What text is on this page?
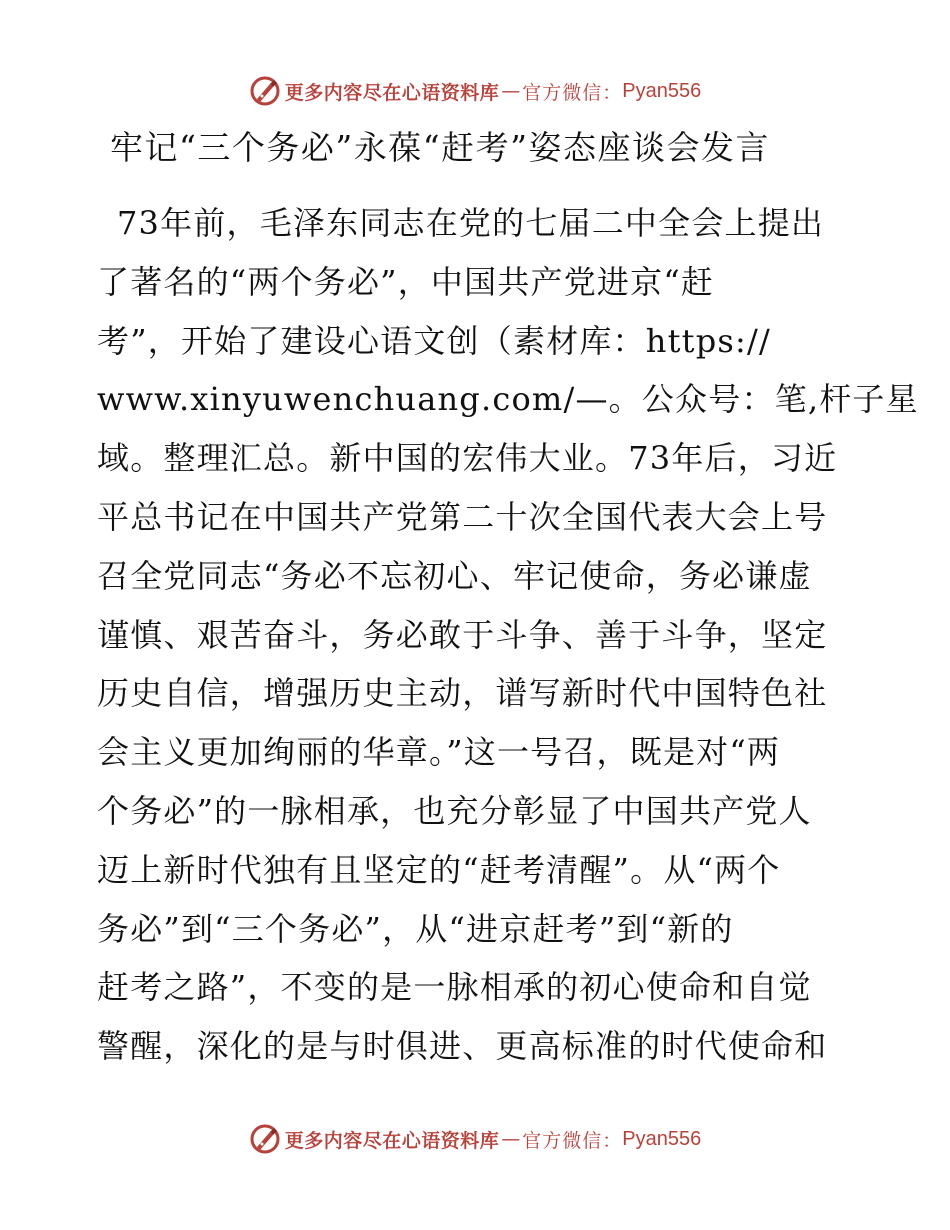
更多内容尽在心语资料库 — 官方微信： Pyan556
牢记“三个务必”永葆“赶考”姿态座谈会发言
73年前，毛泽东同志在党的七届二中全会上提出
了著名的“两个务必”，中国共产党进京“赶
考”，开始了建设心语文创（素材库：https://
www.xinyuwenchuang.com/—。公众号：笔,杆子星
域。整理汇总。新中国的宏伟大业。73年后，习近
平总书记在中国共产党第二十次全国代表大会上号
召全党同志“务必不忘初心、牢记使命，务必谦虚
谨慎、艰苦奋斗，务必敢于斗争、善于斗争，坚定
历史自信，增强历史主动，谱写新时代中国特色社
会主义更加绚丽的华章。”这一号召，既是对“两
个务必”的一脉相承，也充分彰显了中国共产党人
迈上新时代独有且坚定的“赶考清醒”。从“两个
务必”到“三个务必”，从“进京赶考”到“新的
赶考之路”，不变的是一脉相承的初心使命和自觉
警醒，深化的是与时俱进、更高标准的时代使命和
更多内容尽在心语资料库 — 官方微信： Pyan556
